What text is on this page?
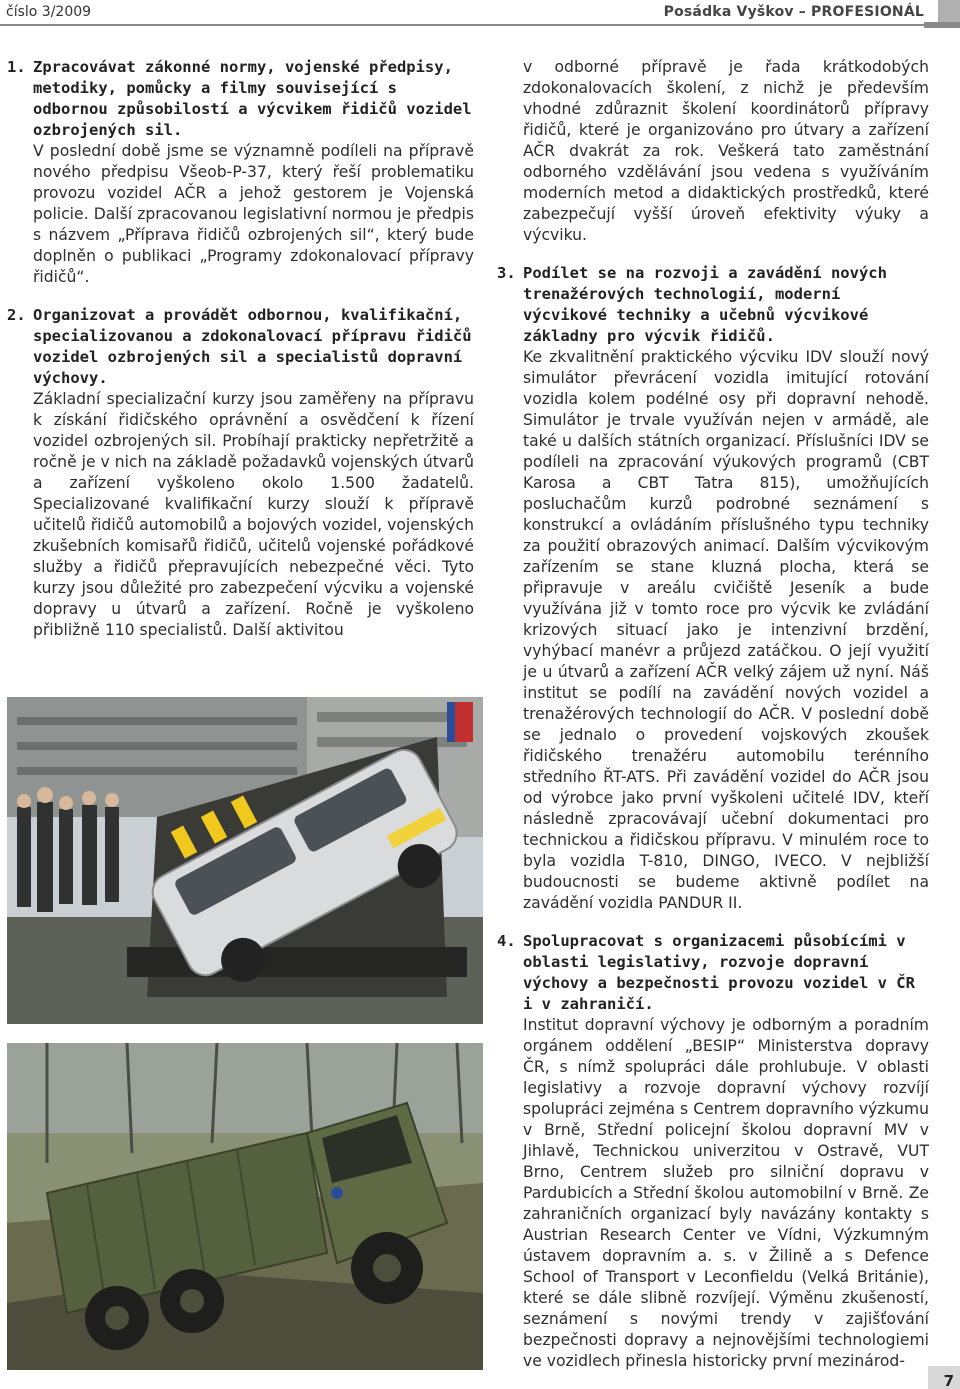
číslo 3/2009	Posádka Vyškov – PROFESIONÁL
1. Zpracovávat zákonné normy, vojenské předpisy, metodiky, pomůcky a filmy související s odbornou způsobilostí a výcvikem řidičů vozidel ozbrojených sil.

V poslední době jsme se významně podíleli na přípravě nového předpisu Všeob-P-37, který řeší problematiku provozu vozidel AČR a jehož gestorem je Vojenská policie. Další zpracovanou legislativní normou je předpis s názvem „Příprava řidičů ozbrojených sil“, který bude doplněn o publikaci „Programy zdokonalovací přípravy řidičů“.

2. Organizovat a provádět odbornou, kvalifikační, specializovanou a zdokonalovací přípravu řidičů vozidel ozbrojených sil a specialistů dopravní výchovy.

Základní specializační kurzy jsou zaměřeny na přípravu k získání řidičského oprávnění a osvědčení k řízení vozidel ozbrojených sil. Probíhají prakticky nepřetržitě a ročně je v nich na základě požadavků vojenských útvarů a zařízení vyškoleno okolo 1.500 žadatelů. Specializované kvalifikační kurzy slouží k přípravě učitelů řidičů automobilů a bojových vozidel, vojenských zkušebních komisařů řidičů, učitelů vojenské pořádkové služby a řidičů přepravujících nebezpečné věci. Tyto kurzy jsou důležité pro zabezpečení výcviku a vojenské dopravy u útvarů a zařízení. Ročně je vyškoleno přibližně 110 specialistů. Další aktivitou

v odborné přípravě je řada krátkodobých zdokonalovacích školení, z nichž je především vhodné zdůraznit školení koordinátorů přípravy řidičů, které je organizováno pro útvary a zařízení AČR dvakrát za rok. Veškerá tato zaměstnání odborného vzdělávání jsou vedena s využíváním moderních metod a didaktických prostředků, které zabezpečují vyšší úroveň efektivity výuky a výcviku.

3. Podílet se na rozvoji a zavádění nových trenažérových technologií, moderní výcvikové techniky a učebnů výcvikové základny pro výcvik řidičů.

Ke zkvalitnění praktického výcviku IDV slouží nový simulátor převrácení vozidla imitující rotování vozidla kolem podélné osy při dopravní nehodě. Simulátor je trvale využíván nejen v armádě, ale také u dalších státních organizací. Příslušníci IDV se podíleli na zpracování výukových programů (CBT Karosa a CBT Tatra 815), umožňujících posluchačům kurzů podrobné seznámení s konstrukcí a ovládáním příslušného typu techniky za použití obrazových animací. Dalším výcvikovým zařízením se stane kluzná plocha, která se připravuje v areálu cvičiště Jeseník a bude využívána již v tomto roce pro výcvik ke zvládání krizových situací jako je intenzivní brzdění, vyhýbací manévr a průjezd zatáčkou. O její využití je u útvarů a zařízení AČR velký zájem už nyní. Náš institut se podílí na zavádění nových vozidel a trenažérových technologií do AČR. V poslední době se jednalo o provedení vojskových zkoušek řidičského trenažéru automobilu terénního středního ŘT-ATS. Při zavádění vozidel do AČR jsou od výrobce jako první vyškoleni učitelé IDV, kteří následně zpracovávají učební dokumentaci pro technickou a řidičskou přípravu. V minulém roce to byla vozidla T-810, DINGO, IVECO. V nejbližší budoucnosti se budeme aktivně podílet na zavádění vozidla PANDUR II.

4. Spolupracovat s organizacemi působícími v oblasti legislativy, rozvoje dopravní výchovy a bezpečnosti provozu vozidel v ČR i v zahraničí.

Institut dopravní výchovy je odborným a poradním orgánem oddělení „BESIP“ Ministerstva dopravy ČR, s nímž spolupráci dále prohlubuje. V oblasti legislativy a rozvoje dopravní výchovy rozvíjí spolupráci zejména s Centrem dopravního výzkumu v Brně, Střední policejní školou dopravní MV v Jihlavě, Technickou univerzitou v Ostravě, VUT Brno, Centrem služeb pro silniční dopravu v Pardubicích a Střední školou automobilní v Brně. Ze zahraničních organizací byly navázány kontakty s Austrian Research Center ve Vídni, Výzkumným ústavem dopravním a. s. v Žilině a s Defence School of Transport v Leconfieldu (Velká Británie), které se dále slibně rozvíjejí. Výměnu zkušeností, seznámení s novými trendy v zajišťování bezpečnosti dopravy a nejnovějšími technologiemi ve vozidlech přinesla historicky první mezinárod-

7
